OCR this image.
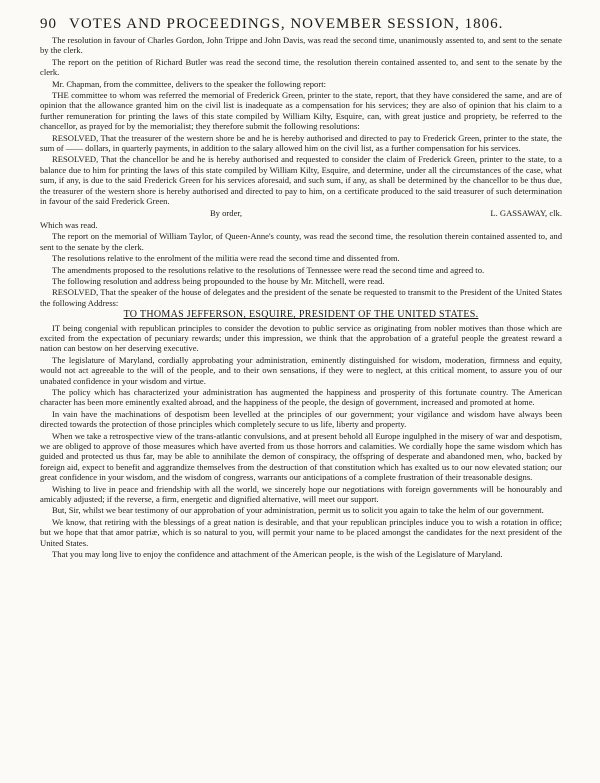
90 VOTES AND PROCEEDINGS, NOVEMBER SESSION, 1806.

The resolution in favour of Charles Gordon, John Trippe and John Davis, was read the second time, unanimously assented to, and sent to the senate by the clerk.

The report on the petition of Richard Butler was read the second time, the resolution therein contained assented to, and sent to the senate by the clerk.

Mr. Chapman, from the committee, delivers to the speaker the following report:

THE committee to whom was referred the memorial of Frederick Green, printer to the state, report, that they have considered the same, and are of opinion that the allowance granted him on the civil list is inadequate as a compensation for his services; they are also of opinion that his claim to a further remuneration for printing the laws of this state compiled by William Kilty, Esquire, can, with great justice and propriety, be referred to the chancellor, as prayed for by the memorialist; they therefore submit the following resolutions:

RESOLVED, That the treasurer of the western shore be and he is hereby authorised and directed to pay to Frederick Green, printer to the state, the sum of —— dollars, in quarterly payments, in addition to the salary allowed him on the civil list, as a further compensation for his services.

RESOLVED, That the chancellor be and he is hereby authorised and requested to consider the claim of Frederick Green, printer to the state, to a balance due to him for printing the laws of this state compiled by William Kilty, Esquire, and determine, under all the circumstances of the case, what sum, if any, is due to the said Frederick Green for his services aforesaid, and such sum, if any, as shall be determined by the chancellor to be thus due, the treasurer of the western shore is hereby authorised and directed to pay to him, on a certificate produced to the said treasurer of such determination in favour of the said Frederick Green.

By order,	L. GASSAWAY, clk.

Which was read.

The report on the memorial of William Taylor, of Queen-Anne's county, was read the second time, the resolution therein contained assented to, and sent to the senate by the clerk.

The resolutions relative to the enrolment of the militia were read the second time and dissented from.

The amendments proposed to the resolutions relative to the resolutions of Tennessee were read the second time and agreed to.

The following resolution and address being propounded to the house by Mr. Mitchell, were read.

RESOLVED, That the speaker of the house of delegates and the president of the senate be requested to transmit to the President of the United States the following Address:

TO THOMAS JEFFERSON, ESQUIRE, PRESIDENT OF THE UNITED STATES.

IT being congenial with republican principles to consider the devotion to public service as originating from nobler motives than those which are excited from the expectation of pecuniary rewards; under this impression, we think that the approbation of a grateful people the greatest reward a nation can bestow on her deserving executive.

The legislature of Maryland, cordially approbating your administration, eminently distinguished for wisdom, moderation, firmness and equity, would not act agreeable to the will of the people, and to their own sensations, if they were to neglect, at this critical moment, to assure you of our unabated confidence in your wisdom and virtue.

The policy which has characterized your administration has augmented the happiness and prosperity of this fortunate country. The American character has been more eminently exalted abroad, and the happiness of the people, the design of government, increased and promoted at home.

In vain have the machinations of despotism been levelled at the principles of our government; your vigilance and wisdom have always been directed towards the protection of those principles which completely secure to us life, liberty and property.

When we take a retrospective view of the trans-atlantic convulsions, and at present behold all Europe ingulphed in the misery of war and despotism, we are obliged to approve of those measures which have averted from us those horrors and calamities. We cordially hope the same wisdom which has guided and protected us thus far, may be able to annihilate the demon of conspiracy, the offspring of desperate and abandoned men, who, backed by foreign aid, expect to benefit and aggrandize themselves from the destruction of that constitution which has exalted us to our now elevated station; our great confidence in your wisdom, and the wisdom of congress, warrants our anticipations of a complete frustration of their treasonable designs.

Wishing to live in peace and friendship with all the world, we sincerely hope our negotiations with foreign governments will be honourably and amicably adjusted; if the reverse, a firm, energetic and dignified alternative, will meet our support.

But, Sir, whilst we bear testimony of our approbation of your administration, permit us to solicit you again to take the helm of our government.

We know, that retiring with the blessings of a great nation is desirable, and that your republican principles induce you to wish a rotation in office; but we hope that that amor patriæ, which is so natural to you, will permit your name to be placed amongst the candidates for the next president of the United States.

That you may long live to enjoy the confidence and attachment of the American people, is the wish of the Legislature of Maryland.
